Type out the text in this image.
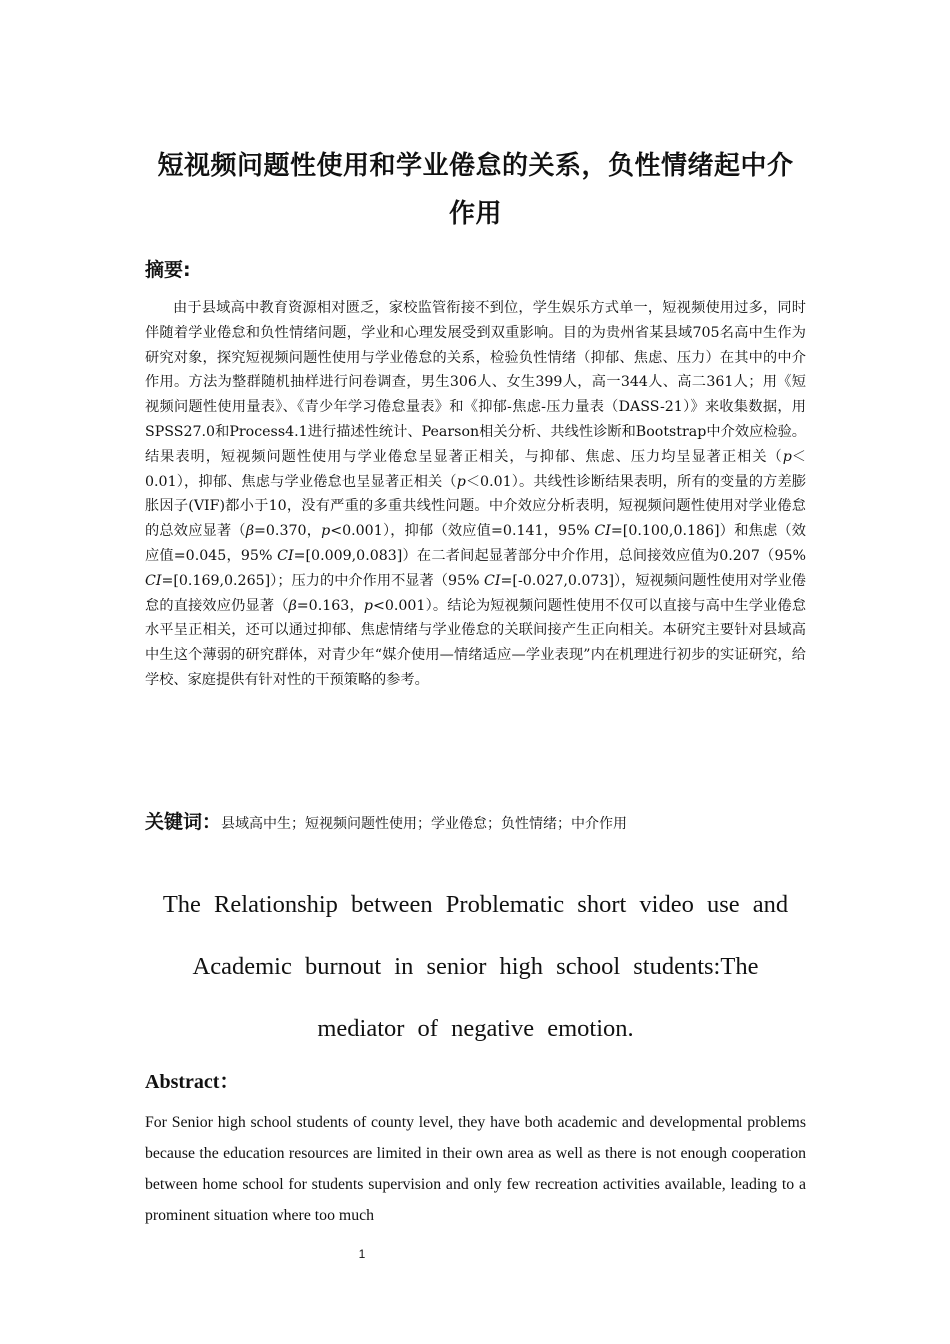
短视频问题性使用和学业倦怠的关系，负性情绪起中介作用
摘要:

由于县域高中教育资源相对匮乏，家校监管衔接不到位，学生娱乐方式单一，短视频使用过多，同时伴随着学业倦怠和负性情绪问题，学业和心理发展受到双重影响。目的为贵州省某县域705名高中生作为研究对象，探究短视频问题性使用与学业倦怠的关系，检验负性情绪（抑郁、焦虑、压力）在其中的中介作用。方法为整群随机抽样进行问卷调查，男生306人、女生399人，高一344人、高二361人；用《短视频问题性使用量表》、《青少年学习倦怠量表》和《抑郁-焦虑-压力量表（DASS-21）》来收集数据，用SPSS27.0和Process4.1进行描述性统计、Pearson相关分析、共线性诊断和Bootstrap中介效应检验。结果表明，短视频问题性使用与学业倦怠呈显著正相关，与抑郁、焦虑、压力均呈显著正相关（p＜0.01），抑郁、焦虑与学业倦怠也呈显著正相关（p＜0.01）。共线性诊断结果表明，所有的变量的方差膨胀因子(VIF)都小于10，没有严重的多重共线性问题。中介效应分析表明，短视频问题性使用对学业倦怠的总效应显著（β=0.370，p<0.001），抑郁（效应值=0.141，95% CI=[0.100,0.186]）和焦虑（效应值=0.045，95% CI=[0.009,0.083]）在二者间起显著部分中介作用，总间接效应值为0.207（95% CI=[0.169,0.265]）；压力的中介作用不显著（95% CI=[-0.027,0.073]），短视频问题性使用对学业倦怠的直接效应仍显著（β=0.163，p<0.001）。结论为短视频问题性使用不仅可以直接与高中生学业倦怠水平呈正相关，还可以通过抑郁、焦虑情绪与学业倦怠的关联间接产生正向相关。本研究主要针对县域高中生这个薄弱的研究群体，对青少年“媒介使用—情绪适应—学业表现”内在机理进行初步的实证研究，给学校、家庭提供有针对性的干预策略的参考。

关键词：县域高中生；短视频问题性使用；学业倦怠；负性情绪；中介作用
The Relationship between Problematic short video use and Academic burnout in senior high school students:The mediator of negative emotion.
Abstract：

For Senior high school students of county level, they have both academic and developmental problems because the education resources are limited in their own area as well as there is not enough cooperation between home school for students supervision and only few recreation activities available, leading to a prominent situation where too much

1
